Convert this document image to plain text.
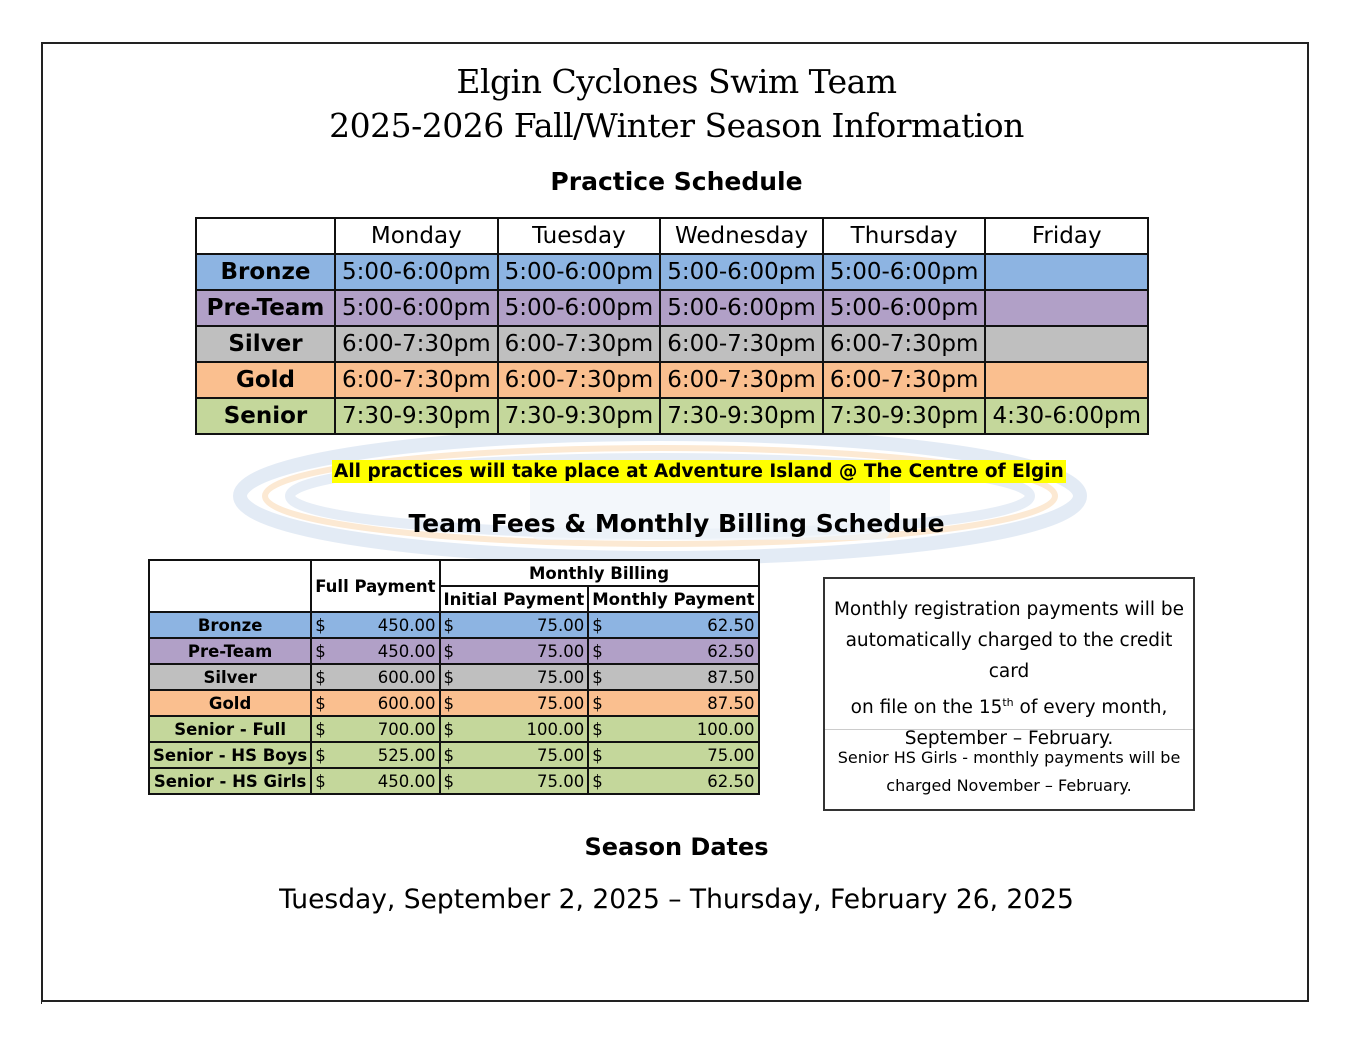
Elgin Cyclones Swim Team
2025-2026 Fall/Winter Season Information
Practice Schedule
	Monday	Tuesday	Wednesday	Thursday	Friday
Bronze	5:00-6:00pm	5:00-6:00pm	5:00-6:00pm	5:00-6:00pm	
Pre-Team	5:00-6:00pm	5:00-6:00pm	5:00-6:00pm	5:00-6:00pm	
Silver	6:00-7:30pm	6:00-7:30pm	6:00-7:30pm	6:00-7:30pm	
Gold	6:00-7:30pm	6:00-7:30pm	6:00-7:30pm	6:00-7:30pm	
Senior	7:30-9:30pm	7:30-9:30pm	7:30-9:30pm	7:30-9:30pm	4:30-6:00pm
All practices will take place at Adventure Island @ The Centre of Elgin
Team Fees & Monthly Billing Schedule
	Full Payment	Monthly Billing	
		Initial Payment	Monthly Payment
Bronze	$ 450.00	$ 75.00	$ 62.50

Pre-Team	$ 450.00	$ 75.00	$ 62.50

Silver	$ 600.00	$ 75.00	$ 87.50

Gold	$ 600.00	$ 75.00	$ 87.50

Senior - Full	$ 700.00	$ 100.00	$ 100.00

Senior - HS Boys	$ 525.00	$ 75.00	$ 75.00

Senior - HS Girls	$ 450.00	$ 75.00	$ 62.50
Monthly registration payments will be
automatically charged to the credit card
on file on the 15th of every month,
September – February.
Senior HS Girls - monthly payments will be
charged November – February.
Season Dates
Tuesday, September 2, 2025 – Thursday, February 26, 2025
